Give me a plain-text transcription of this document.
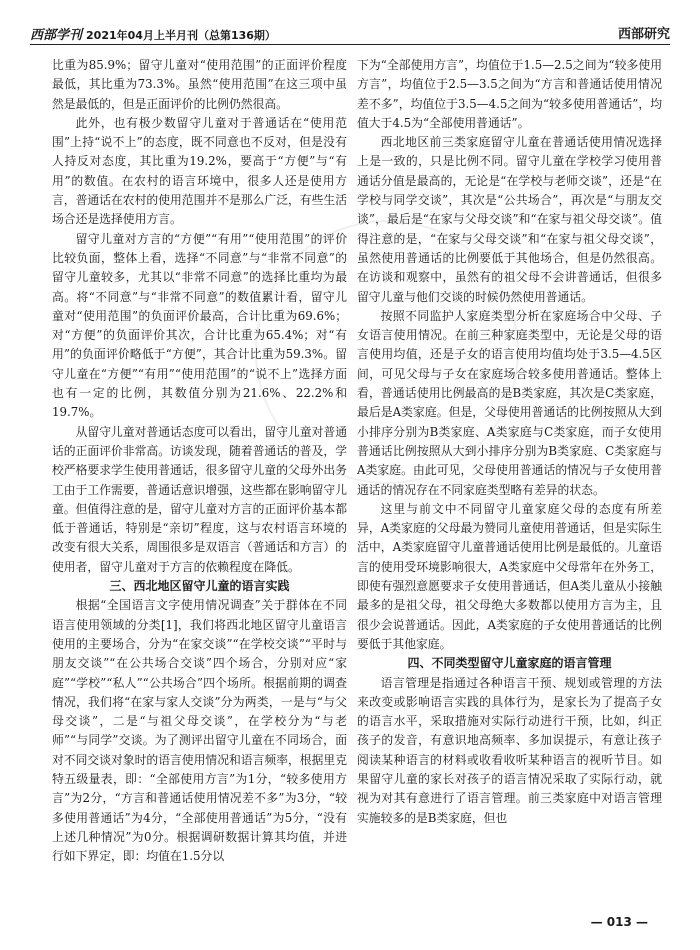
西部学刊 2021年04月上半月刊（总第136期）	西部研究

比重为85.9%；留守儿童对“使用范围”的正面评价程度最低，其比重为73.3%。虽然“使用范围”在这三项中虽然是最低的，但是正面评价的比例仍然很高。

此外，也有极少数留守儿童对于普通话在“使用范围”上持“说不上”的态度，既不同意也不反对，但是没有人持反对态度，其比重为19.2%，要高于“方便”与“有用”的数值。在农村的语言环境中，很多人还是使用方言，普通话在农村的使用范围并不是那么广泛，有些生活场合还是选择使用方言。

留守儿童对方言的“方便”“有用”“使用范围”的评价比较负面，整体上看，选择“不同意”与“非常不同意”的留守儿童较多，尤其以“非常不同意”的选择比重均为最高。将“不同意”与“非常不同意”的数值累计看，留守儿童对“使用范围”的负面评价最高，合计比重为69.6%；对“方便”的负面评价其次，合计比重为65.4%；对“有用”的负面评价略低于“方便”，其合计比重为59.3%。留守儿童在“方便”“有用”“使用范围”的“说不上”选择方面也有一定的比例，其数值分别为21.6%、22.2%和19.7%。

从留守儿童对普通话态度可以看出，留守儿童对普通话的正面评价非常高。访谈发现，随着普通话的普及，学校严格要求学生使用普通话，很多留守儿童的父母外出务工由于工作需要，普通话意识增强，这些都在影响留守儿童。但值得注意的是，留守儿童对方言的正面评价基本都低于普通话，特别是“亲切”程度，这与农村语言环境的改变有很大关系，周围很多是双语言（普通话和方言）的使用者，留守儿童对于方言的依赖程度在降低。

三、西北地区留守儿童的语言实践

根据“全国语言文字使用情况调查”关于群体在不同语言使用领域的分类[1]，我们将西北地区留守儿童语言使用的主要场合，分为“在家交谈”“在学校交谈”“平时与朋友交谈”“在公共场合交谈”四个场合，分别对应“家庭”“学校”“私人”“公共场合”四个场所。根据前期的调查情况，我们将“在家与家人交谈”分为两类，一是与“与父母交谈”，二是“与祖父母交谈”，在学校分为“与老师”“与同学”交谈。为了测评出留守儿童在不同场合，面对不同交谈对象时的语言使用情况和语言频率，根据里克特五级量表，即：“全部使用方言”为1分，“较多使用方言”为2分，“方言和普通话使用情况差不多”为3分，“较多使用普通话”为4分，“全部使用普通话”为5分，“没有上述几种情况”为0分。根据调研数据计算其均值，并进行如下界定，即：均值在1.5分以

下为“全部使用方言”，均值位于1.5—2.5之间为“较多使用方言”，均值位于2.5—3.5之间为“方言和普通话使用情况差不多”，均值位于3.5—4.5之间为“较多使用普通话”，均值大于4.5为“全部使用普通话”。

西北地区前三类家庭留守儿童在普通话使用情况选择上是一致的，只是比例不同。留守儿童在学校学习使用普通话分值是最高的，无论是“在学校与老师交谈”，还是“在学校与同学交谈”，其次是“公共场合”，再次是“与朋友交谈”，最后是“在家与父母交谈”和“在家与祖父母交谈”。值得注意的是，“在家与父母交谈”和“在家与祖父母交谈”，虽然使用普通话的比例要低于其他场合，但是仍然很高。在访谈和观察中，虽然有的祖父母不会讲普通话，但很多留守儿童与他们交谈的时候仍然使用普通话。

按照不同监护人家庭类型分析在家庭场合中父母、子女语言使用情况。在前三种家庭类型中，无论是父母的语言使用均值，还是子女的语言使用均值均处于3.5—4.5区间，可见父母与子女在家庭场合较多使用普通话。整体上看，普通话使用比例最高的是B类家庭，其次是C类家庭，最后是A类家庭。但是，父母使用普通话的比例按照从大到小排序分别为B类家庭、A类家庭与C类家庭，而子女使用普通话比例按照从大到小排序分别为B类家庭、C类家庭与A类家庭。由此可见，父母使用普通话的情况与子女使用普通话的情况存在不同家庭类型略有差异的状态。

这里与前文中不同留守儿童家庭父母的态度有所差异，A类家庭的父母最为赞同儿童使用普通话，但是实际生活中，A类家庭留守儿童普通话使用比例是最低的。儿童语言的使用受环境影响很大，A类家庭中父母常年在外务工，即使有强烈意愿要求子女使用普通话，但A类儿童从小接触最多的是祖父母，祖父母绝大多数都以使用方言为主，且很少会说普通话。因此，A类家庭的子女使用普通话的比例要低于其他家庭。

四、不同类型留守儿童家庭的语言管理

语言管理是指通过各种语言干预、规划或管理的方法来改变或影响语言实践的具体行为，是家长为了提高子女的语言水平，采取措施对实际行动进行干预，比如，纠正孩子的发音，有意识地高频率、多加误提示，有意让孩子阅读某种语言的材料或收看收听某种语言的视听节目。如果留守儿童的家长对孩子的语言情况采取了实际行动，就视为对其有意进行了语言管理。前三类家庭中对语言管理实施较多的是B类家庭，但也

— 013 —
